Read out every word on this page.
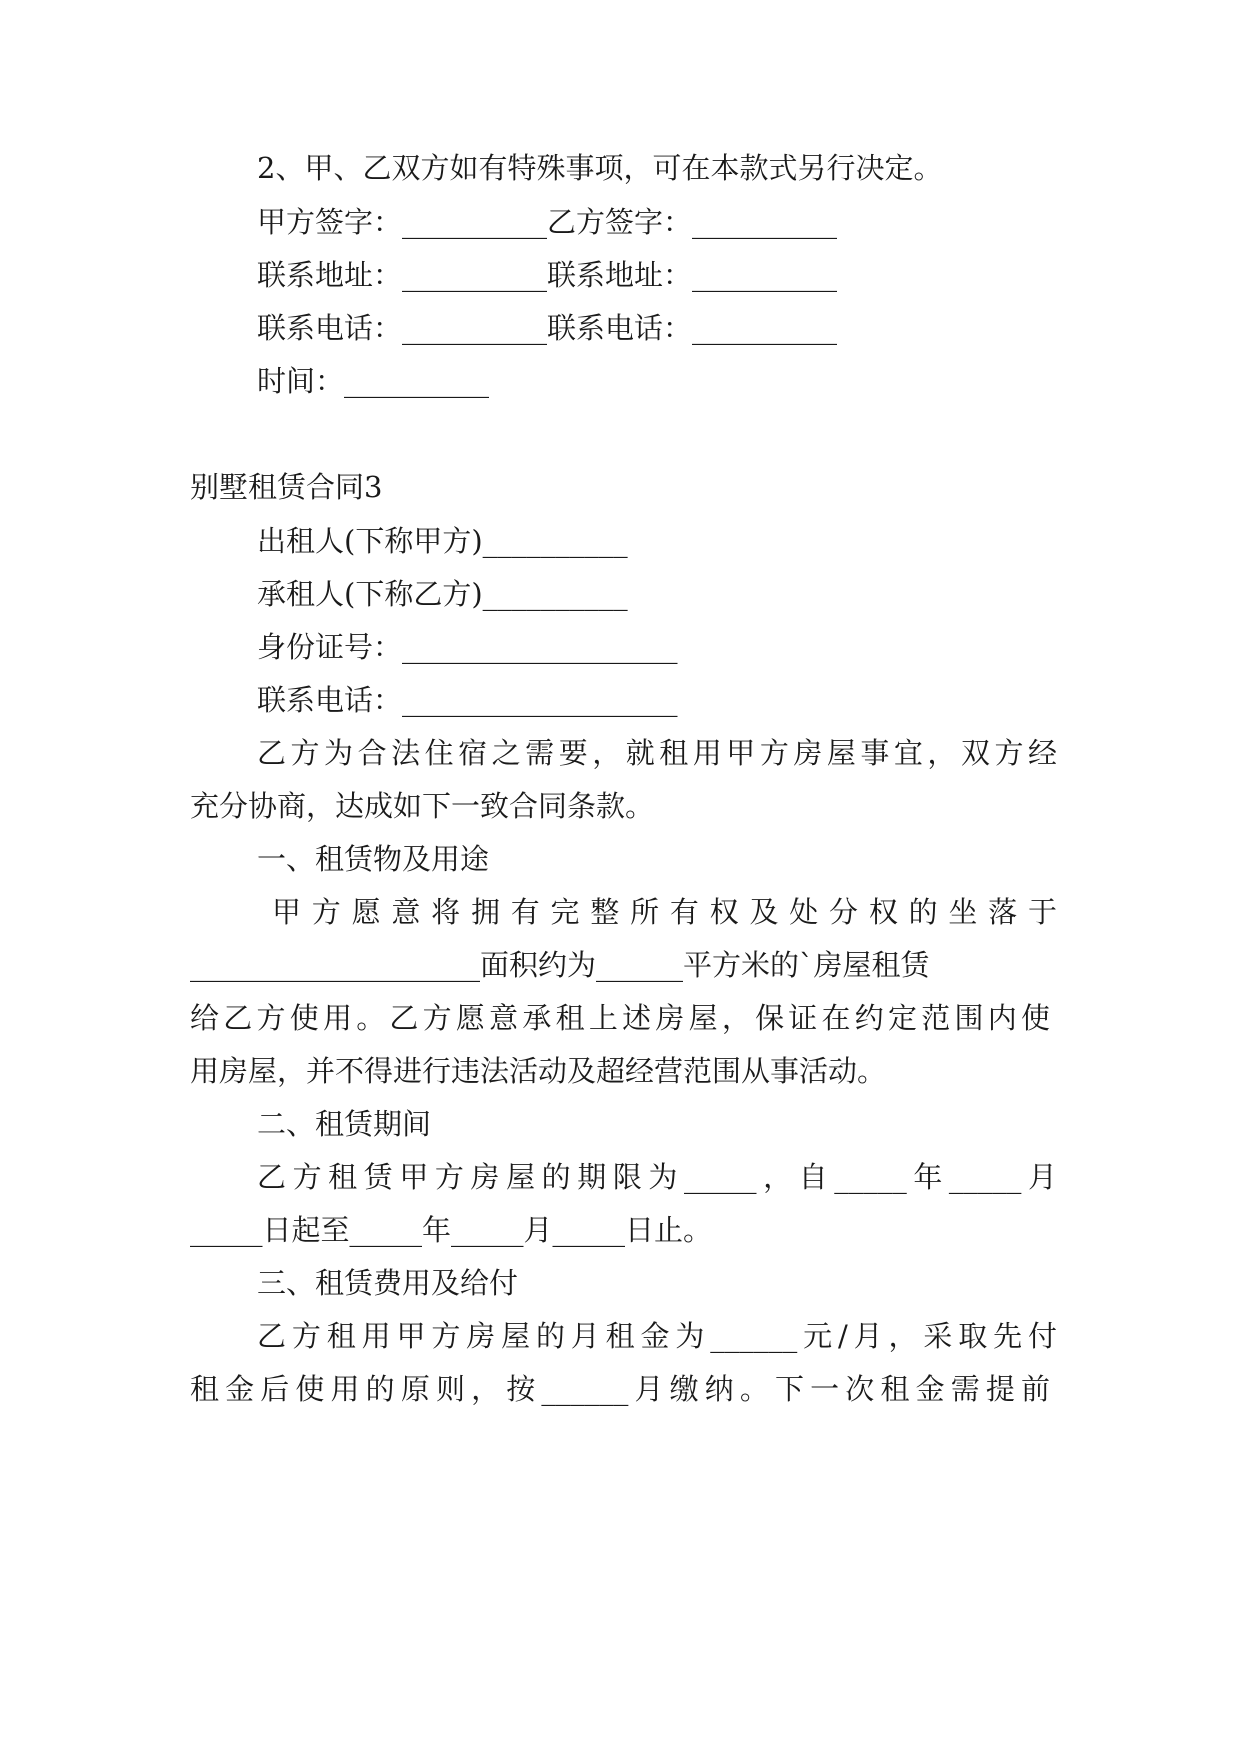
2、甲、乙双方如有特殊事项，可在本款式另行决定。
甲方签字：__________乙方签字：__________
联系地址：__________联系地址：__________
联系电话：__________联系电话：__________
时间：__________
别墅租赁合同3
出租人(下称甲方)__________
承租人(下称乙方)__________
身份证号：___________________
联系电话：___________________
乙方为合法住宿之需要，就租用甲方房屋事宜，双方经
充分协商，达成如下一致合同条款。
一、租赁物及用途
甲方愿意将拥有完整所有权及处分权的坐落于
____________________面积约为______平方米的`房屋租赁
给乙方使用。乙方愿意承租上述房屋，保证在约定范围内使
用房屋，并不得进行违法活动及超经营范围从事活动。
二、租赁期间
乙方租赁甲方房屋的期限为_____，自_____年_____月
_____日起至_____年_____月_____日止。
三、租赁费用及给付
乙方租用甲方房屋的月租金为______元/月，采取先付
租金后使用的原则，按______月缴纳。下一次租金需提前
